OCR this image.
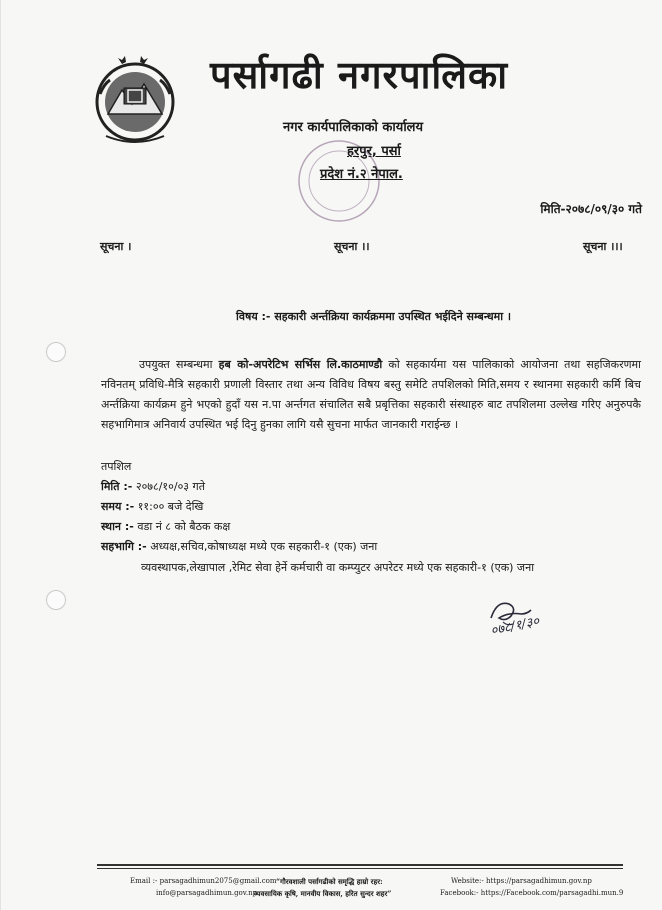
पर्सागढी नगरपालिका
नगर कार्यपालिकाको कार्यालय
हरपुर, पर्सा
प्रदेश नं.२ नेपाल.
मिति-२०७८/०९/३० गते
सूचना ।	सूचना ।।	सूचना ।।।
विषय :- सहकारी अर्न्तक्रिया कार्यक्रममा उपस्थित भईदिने सम्बन्धमा ।

उपयुक्त सम्बन्धमा हब को-अपरेटिभ सर्भिस लि.काठमाण्डौ को सहकार्यमा यस पालिकाको आयोजना तथा सहजिकरणमा नविनतम् प्रविधि-मैत्रि सहकारी प्रणाली विस्तार तथा अन्य विविध विषय बस्तु समेटि तपशिलको मिति,समय र स्थानमा सहकारी कर्मि बिच अर्न्तक्रिया कार्यक्रम हुने भएको हुदाँ यस न.पा अर्न्तगत संचालित सबै प्रबृत्तिका सहकारी संस्थाहरु बाट तपशिलमा उल्लेख गरिए अनुरुपकै सहभागिमात्र अनिवार्य उपस्थित भई दिनु हुनका लागि यसै सुचना मार्फत जानकारी गराईन्छ ।

तपशिल
मिति :- २०७८/१०/०३ गते
समय :- ११:०० बजे देखि
स्थान :- वडा नं ८ को बैठक कक्ष
सहभागि :- अध्यक्ष,सचिव,कोषाध्यक्ष मध्ये एक सहकारी-१ (एक) जना
व्यवस्थापक,लेखापाल ,रेमिट सेवा हेर्ने कर्मचारी वा कम्प्युटर अपरेटर मध्ये एक सहकारी-१ (एक) जना
०७८/१/३०
Email :- parsagadhimun2075@gmail.com
info@parsagadhimun.gov.np
“गौरवशाली पर्सागढीको समृद्धि हाम्रो रहर:
व्यवसायिक कृषि, मानवीय विकास, हरित सुन्दर शहर”
Website:- https://parsagadhimun.gov.np
Facebook:- https://Facebook.com/parsagadhi.mun.9
